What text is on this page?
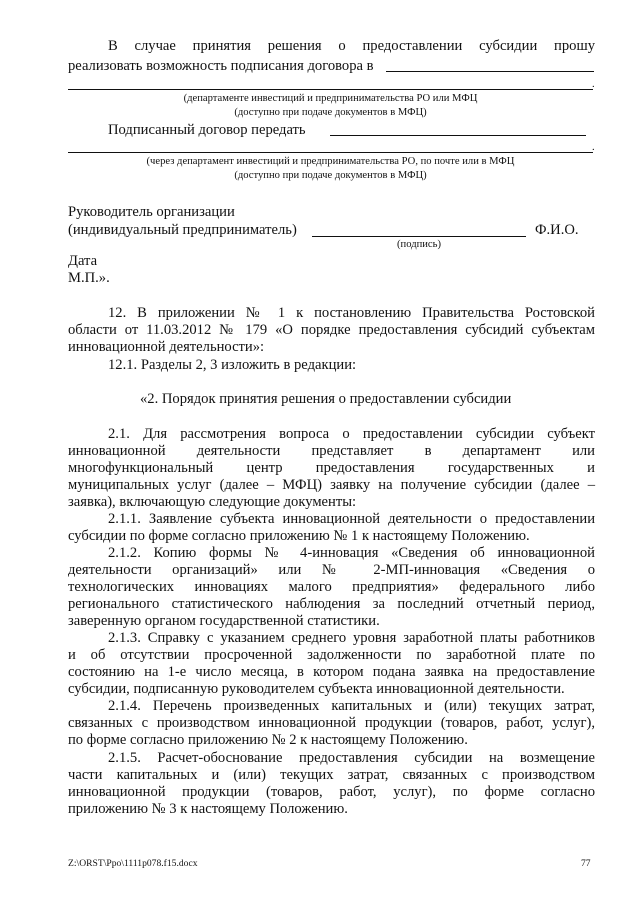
В случае принятия решения о предоставлении субсидии прошу
реализовать возможность подписания договора в
.
(департаменте инвестиций и предпринимательства РО или МФЦ
(доступно при подаче документов в МФЦ)
Подписанный договор передать
.
(через департамент инвестиций и предпринимательства РО, по почте или в МФЦ
(доступно при подаче документов в МФЦ)
Руководитель организации
(индивидуальный предприниматель)	Ф.И.О.
(подпись)
Дата
М.П.».
12. В приложении № 1 к постановлению Правительства Ростовской
области от 11.03.2012 № 179 «О порядке предоставления субсидий субъектам
инновационной деятельности»:
12.1. Разделы 2, 3 изложить в редакции:
«2. Порядок принятия решения о предоставлении субсидии
2.1. Для рассмотрения вопроса о предоставлении субсидии субъект
инновационной деятельности представляет в департамент или
многофункциональный центр предоставления государственных и
муниципальных услуг (далее – МФЦ) заявку на получение субсидии (далее –
заявка), включающую следующие документы:
2.1.1. Заявление субъекта инновационной деятельности о предоставлении
субсидии по форме согласно приложению № 1 к настоящему Положению.
2.1.2. Копию формы № 4-инновация «Сведения об инновационной
деятельности организаций» или № 2-МП-инновация «Сведения о
технологических инновациях малого предприятия» федерального либо
регионального статистического наблюдения за последний отчетный период,
заверенную органом государственной статистики.
2.1.3. Справку с указанием среднего уровня заработной платы работников
и об отсутствии просроченной задолженности по заработной плате по
состоянию на 1-е число месяца, в котором подана заявка на предоставление
субсидии, подписанную руководителем субъекта инновационной деятельности.
2.1.4. Перечень произведенных капитальных и (или) текущих затрат,
связанных с производством инновационной продукции (товаров, работ, услуг),
по форме согласно приложению № 2 к настоящему Положению.
2.1.5. Расчет-обоснование предоставления субсидии на возмещение
части капитальных и (или) текущих затрат, связанных с производством
инновационной продукции (товаров, работ, услуг), по форме согласно
приложению № 3 к настоящему Положению.
Z:\ORST\Ppo\1111p078.f15.docx	77
